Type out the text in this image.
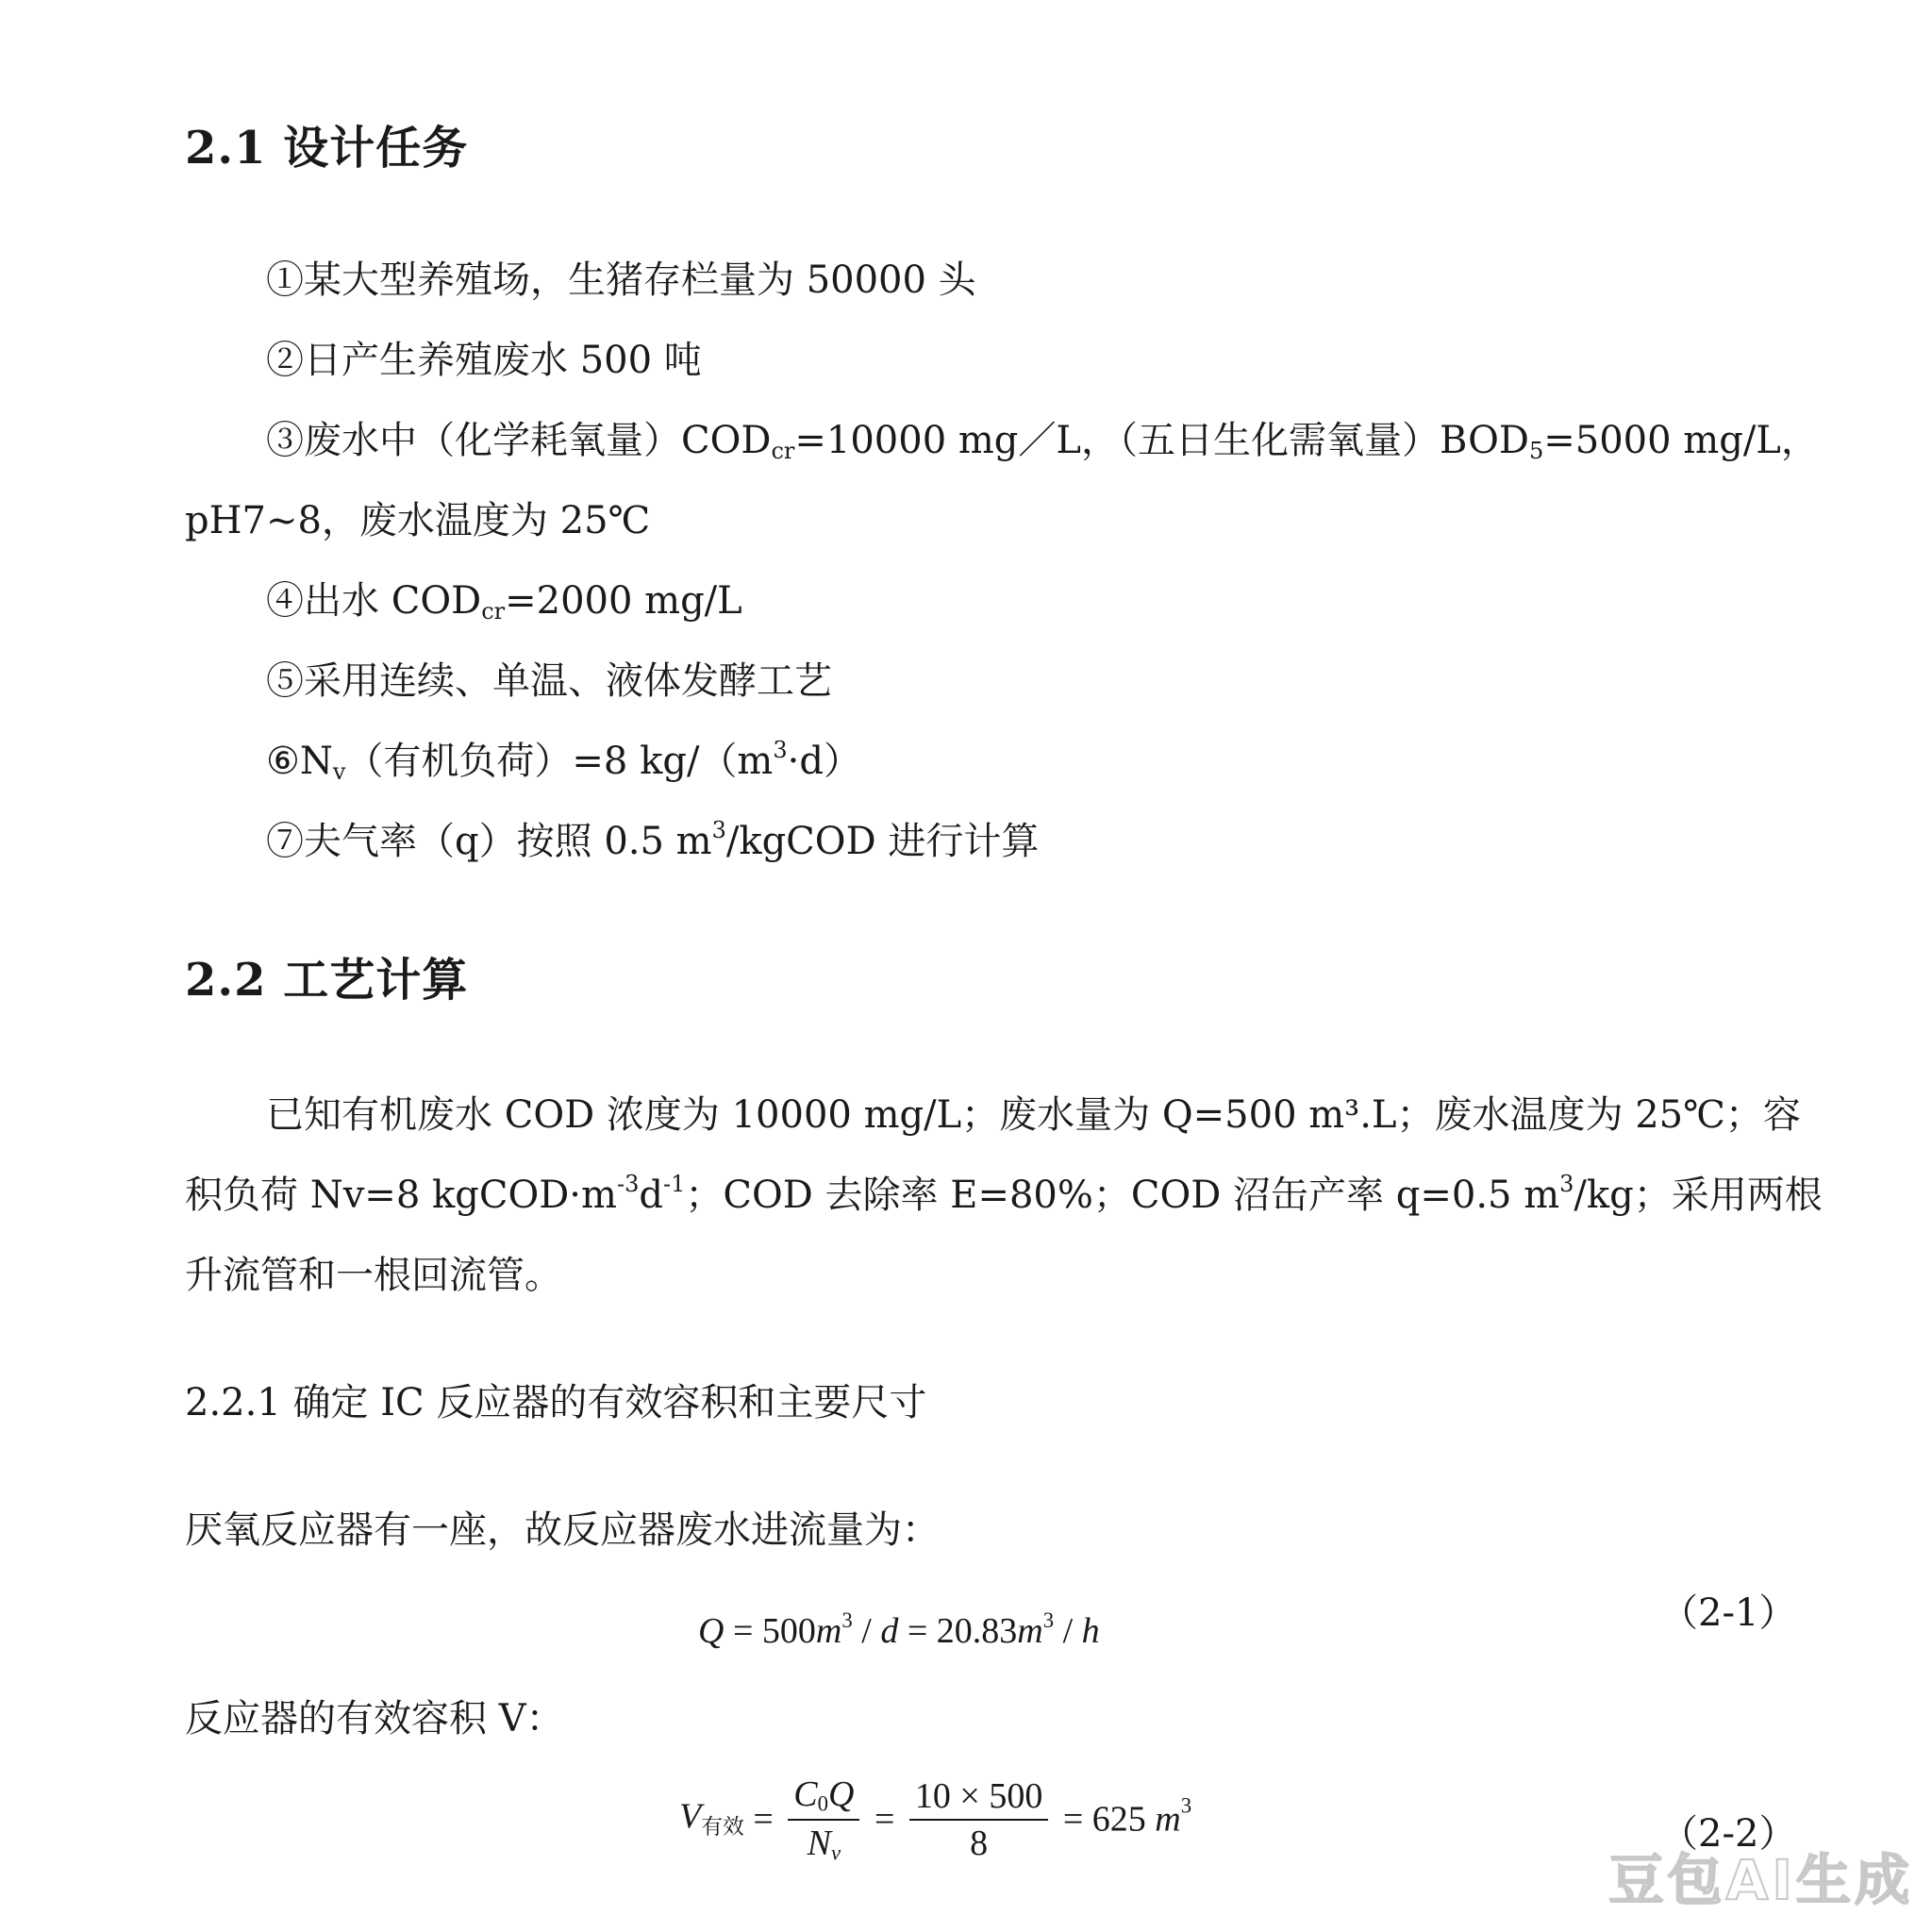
2.1 设计任务
①某大型养殖场，生猪存栏量为 50000 头
②日产生养殖废水 500 吨
③废水中（化学耗氧量）$COD_{cr}=10000$ mg／L，（五日生化需氧量）$BOD_5=5000$ mg/L，
pH7~8，废水温度为 25℃
④出水 $COD_{cr}=2000$ mg/L
⑤采用连续、单温、液体发酵工艺
$⑥N_v$（有机负荷）=8 $kg/(m^3\cdot d)$
⑦夫气率（q）按照 0.5 $m^3$/kgCOD 进行计算
2.2 工艺计算
已知有机废水 COD 浓度为 10000 mg/L；废水量为 Q=500 m³.L；废水温度为 25℃；容
积负荷 Nv=8 $kgCOD\cdot m^{-3}d^{-1}$；COD 去除率 E=80%；COD 沼缶产率 q=0.5 $m^3/kg$；采用两根
升流管和一根回流管。
2.2.1 确定 IC 反应器的有效容积和主要尺寸
厌氧反应器有一座，故反应器废水进流量为：
$Q = 500m^3 / d = 20.83m^3 / h$	（2-1）
反应器的有效容积 V：
V有效 = $\frac{C_0Q}{N_v} = \frac{10 \times 500}{8} = 625$ $m^3$
（2-2）
豆包AI生成
